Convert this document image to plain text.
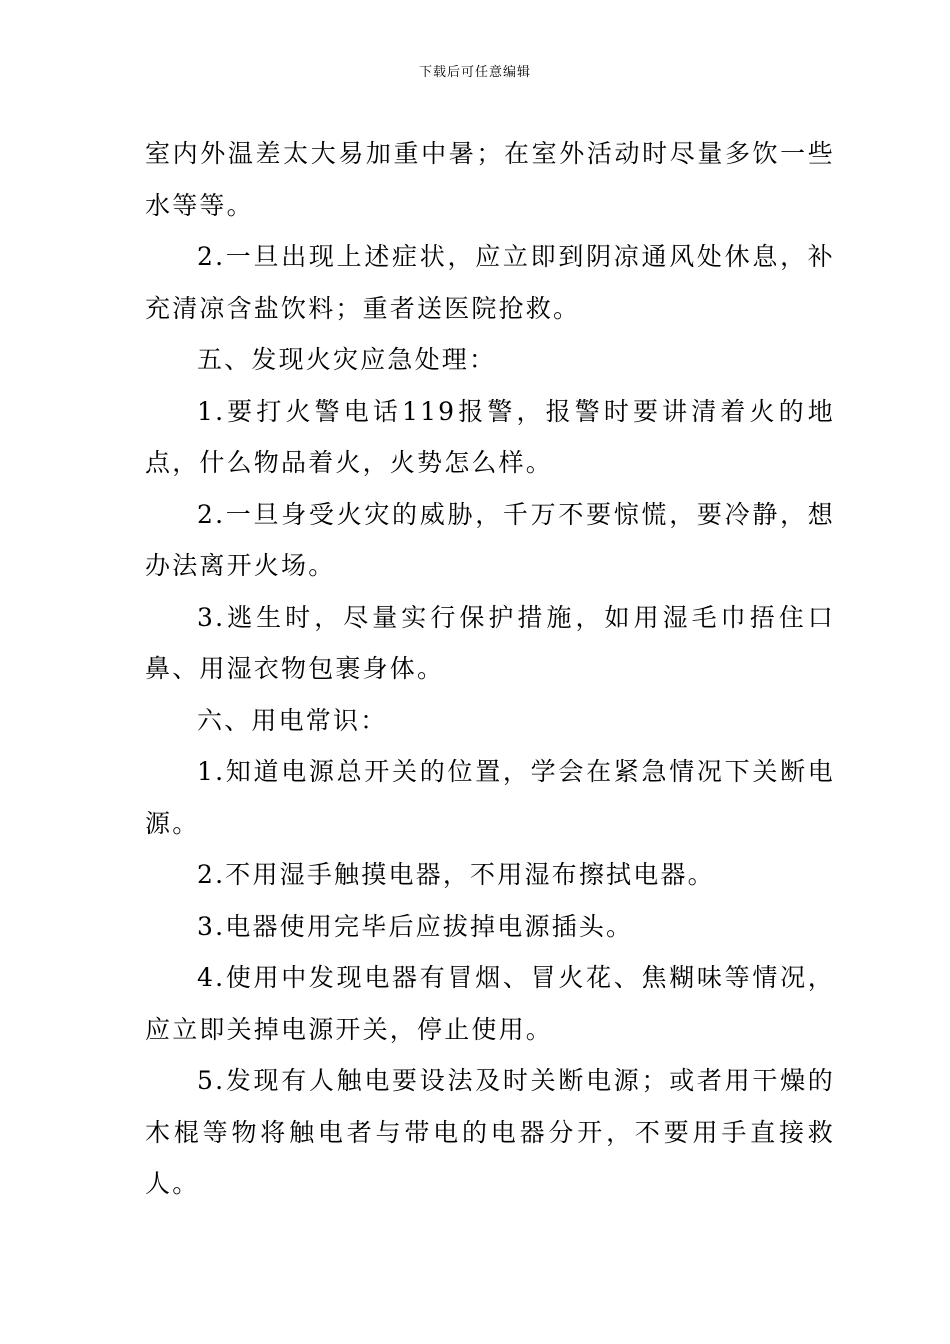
下载后可任意编辑

室内外温差太大易加重中暑；在室外活动时尽量多饮一些水等等。

2.一旦出现上述症状，应立即到阴凉通风处休息，补充清凉含盐饮料；重者送医院抢救。

五、发现火灾应急处理：

1.要打火警电话119报警，报警时要讲清着火的地点，什么物品着火，火势怎么样。

2.一旦身受火灾的威胁，千万不要惊慌，要冷静，想办法离开火场。

3.逃生时，尽量实行保护措施，如用湿毛巾捂住口鼻、用湿衣物包裹身体。

六、用电常识：

1.知道电源总开关的位置，学会在紧急情况下关断电源。

2.不用湿手触摸电器，不用湿布擦拭电器。

3.电器使用完毕后应拔掉电源插头。

4.使用中发现电器有冒烟、冒火花、焦糊味等情况，应立即关掉电源开关，停止使用。

5.发现有人触电要设法及时关断电源；或者用干燥的木棍等物将触电者与带电的电器分开，不要用手直接救人。
